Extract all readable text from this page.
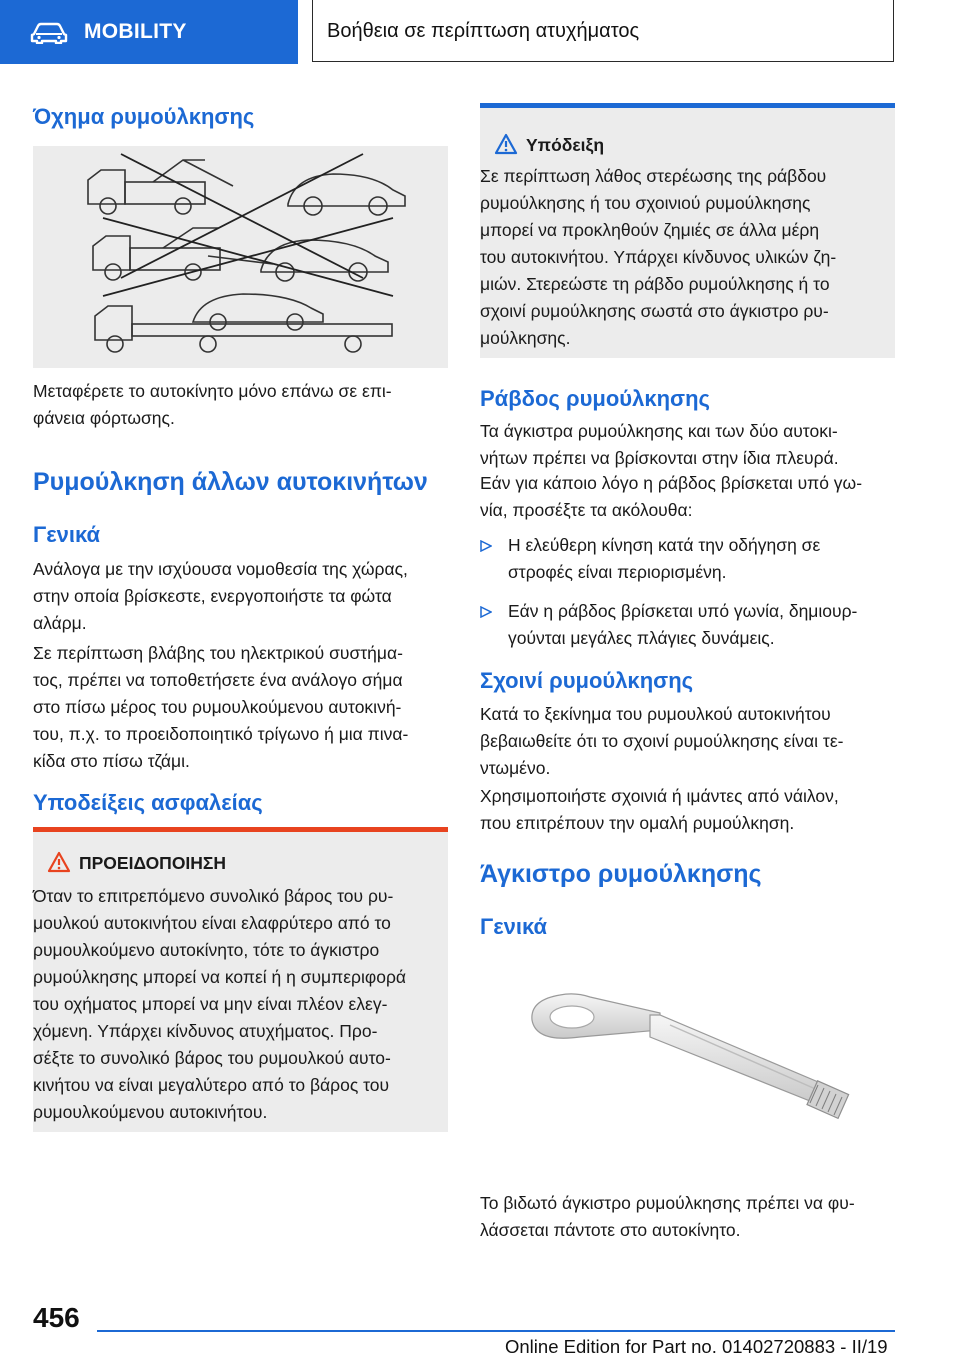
MOBILITY	Βοήθεια σε περίπτωση ατυχήματος
Όχημα ρυμούλκησης

Μεταφέρετε το αυτοκίνητο μόνο επάνω σε επι-
φάνεια φόρτωσης.

Ρυμούλκηση άλλων αυτοκινήτων
Γενικά

Ανάλογα με την ισχύουσα νομοθεσία της χώρας,
στην οποία βρίσκεστε, ενεργοποιήστε τα φώτα
αλάρμ.

Σε περίπτωση βλάβης του ηλεκτρικού συστήμα-
τος, πρέπει να τοποθετήσετε ένα ανάλογο σήμα
στο πίσω μέρος του ρυμουλκούμενου αυτοκινή-
του, π.χ. το προειδοποιητικό τρίγωνο ή μια πινα-
κίδα στο πίσω τζάμι.

Υποδείξεις ασφαλείας
ΠΡΟΕΙΔΟΠΟΙΗΣΗ

Όταν το επιτρεπόμενο συνολικό βάρος του ρυ-
μουλκού αυτοκινήτου είναι ελαφρύτερο από το
ρυμουλκούμενο αυτοκίνητο, τότε το άγκιστρο
ρυμούλκησης μπορεί να κοπεί ή η συμπεριφορά
του οχήματος μπορεί να μην είναι πλέον ελεγ-
χόμενη. Υπάρχει κίνδυνος ατυχήματος. Προ-
σέξτε το συνολικό βάρος του ρυμουλκού αυτο-
κινήτου να είναι μεγαλύτερο από το βάρος του
ρυμουλκούμενου αυτοκινήτου.

Υπόδειξη

Σε περίπτωση λάθος στερέωσης της ράβδου
ρυμούλκησης ή του σχοινιού ρυμούλκησης
μπορεί να προκληθούν ζημιές σε άλλα μέρη
του αυτοκινήτου. Υπάρχει κίνδυνος υλικών ζη-
μιών. Στερεώστε τη ράβδο ρυμούλκησης ή το
σχοινί ρυμούλκησης σωστά στο άγκιστρο ρυ-
μούλκησης.

Ράβδος ρυμούλκησης

Τα άγκιστρα ρυμούλκησης και των δύο αυτοκι-
νήτων πρέπει να βρίσκονται στην ίδια πλευρά.

Εάν για κάποιο λόγο η ράβδος βρίσκεται υπό γω-
νία, προσέξτε τα ακόλουθα:

Η ελεύθερη κίνηση κατά την οδήγηση σε
στροφές είναι περιορισμένη.
Εάν η ράβδος βρίσκεται υπό γωνία, δημιουρ-
γούνται μεγάλες πλάγιες δυνάμεις.
Σχοινί ρυμούλκησης

Κατά το ξεκίνημα του ρυμουλκού αυτοκινήτου
βεβαιωθείτε ότι το σχοινί ρυμούλκησης είναι τε-
ντωμένο.

Χρησιμοποιήστε σχοινιά ή ιμάντες από νάιλον,
που επιτρέπουν την ομαλή ρυμούλκηση.

Άγκιστρο ρυμούλκησης
Γενικά

Το βιδωτό άγκιστρο ρυμούλκησης πρέπει να φυ-
λάσσεται πάντοτε στο αυτοκίνητο.

456
Online Edition for Part no. 01402720883 - II/19
